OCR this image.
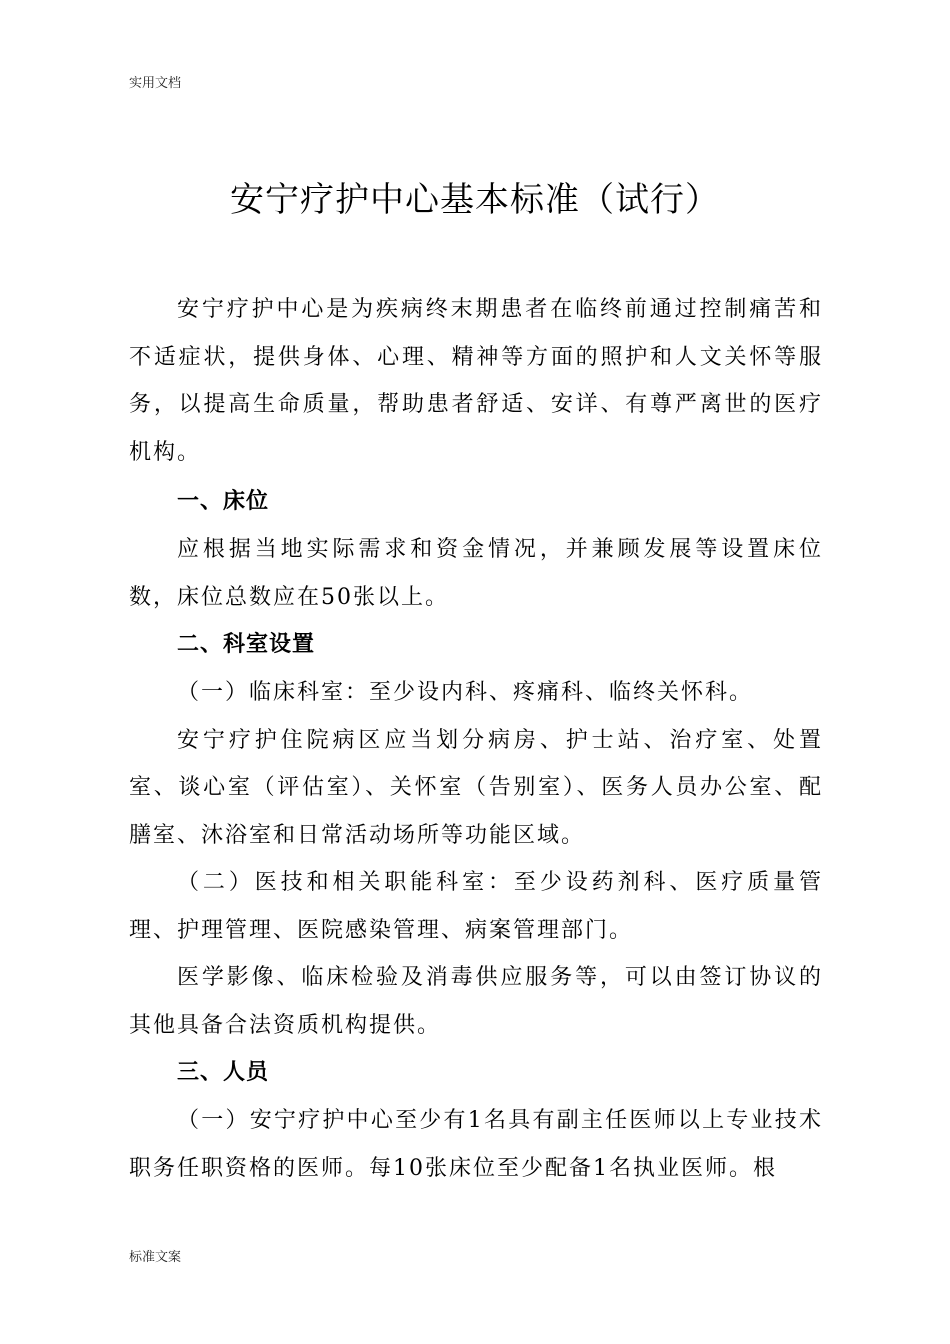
实用文档
安宁疗护中心基本标准（试行）

安宁疗护中心是为疾病终末期患者在临终前通过控制痛苦和不适症状，提供身体、心理、精神等方面的照护和人文关怀等服务，以提高生命质量，帮助患者舒适、安详、有尊严离世的医疗机构。

一、床位

应根据当地实际需求和资金情况，并兼顾发展等设置床位数，床位总数应在50张以上。

二、科室设置

（一）临床科室：至少设内科、疼痛科、临终关怀科。

安宁疗护住院病区应当划分病房、护士站、治疗室、处置室、谈心室（评估室）、关怀室（告别室）、医务人员办公室、配膳室、沐浴室和日常活动场所等功能区域。

（二）医技和相关职能科室：至少设药剂科、医疗质量管理、护理管理、医院感染管理、病案管理部门。

医学影像、临床检验及消毒供应服务等，可以由签订协议的其他具备合法资质机构提供。

三、人员

（一）安宁疗护中心至少有1名具有副主任医师以上专业技术职务任职资格的医师。每10张床位至少配备1名执业医师。根

标准文案
